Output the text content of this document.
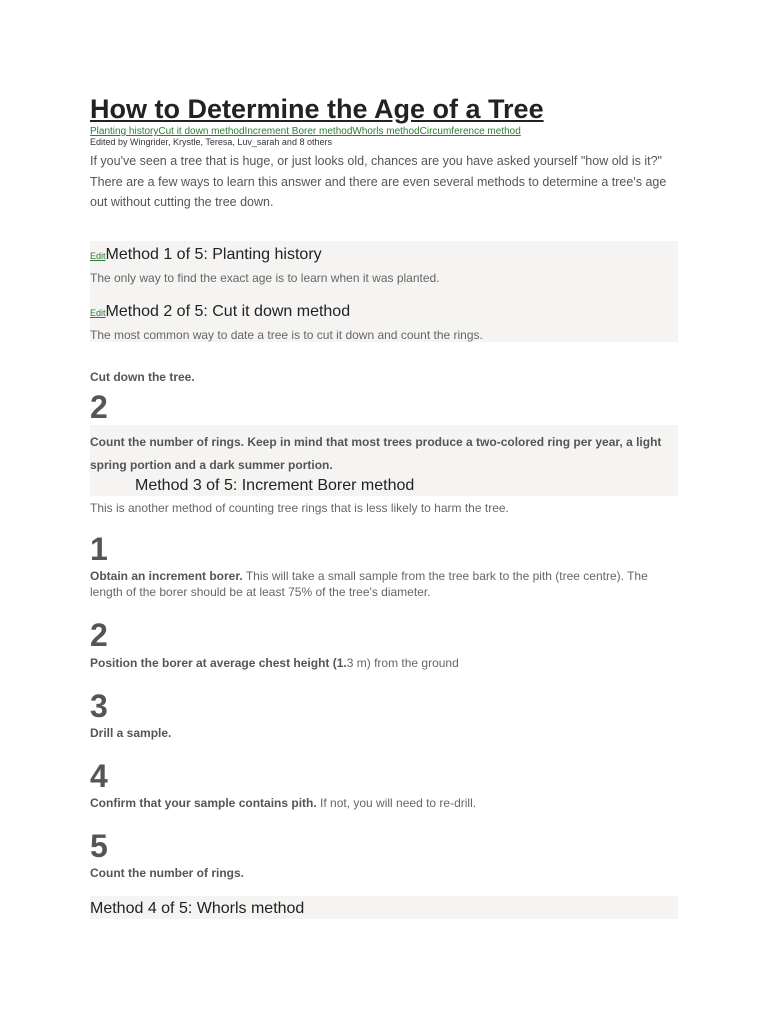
How to Determine the Age of a Tree
Planting historyCut it down methodIncrement Borer methodWhorls methodCircumference method
Edited by Wingrider, Krystle, Teresa, Luv_sarah and 8 others
If you've seen a tree that is huge, or just looks old, chances are you have asked yourself "how old is it?" There are a few ways to learn this answer and there are even several methods to determine a tree's age out without cutting the tree down.
EditMethod 1 of 5: Planting history
The only way to find the exact age is to learn when it was planted.
EditMethod 2 of 5: Cut it down method
The most common way to date a tree is to cut it down and count the rings.
Cut down the tree.
2
Count the number of rings. Keep in mind that most trees produce a two-colored ring per year, a light spring portion and a dark summer portion.
Method 3 of 5: Increment Borer method
This is another method of counting tree rings that is less likely to harm the tree.
1
Obtain an increment borer. This will take a small sample from the tree bark to the pith (tree centre). The length of the borer should be at least 75% of the tree's diameter.
2
Position the borer at average chest height (1.3 m) from the ground
3
Drill a sample.
4
Confirm that your sample contains pith. If not, you will need to re-drill.
5
Count the number of rings.
Method 4 of 5: Whorls method
